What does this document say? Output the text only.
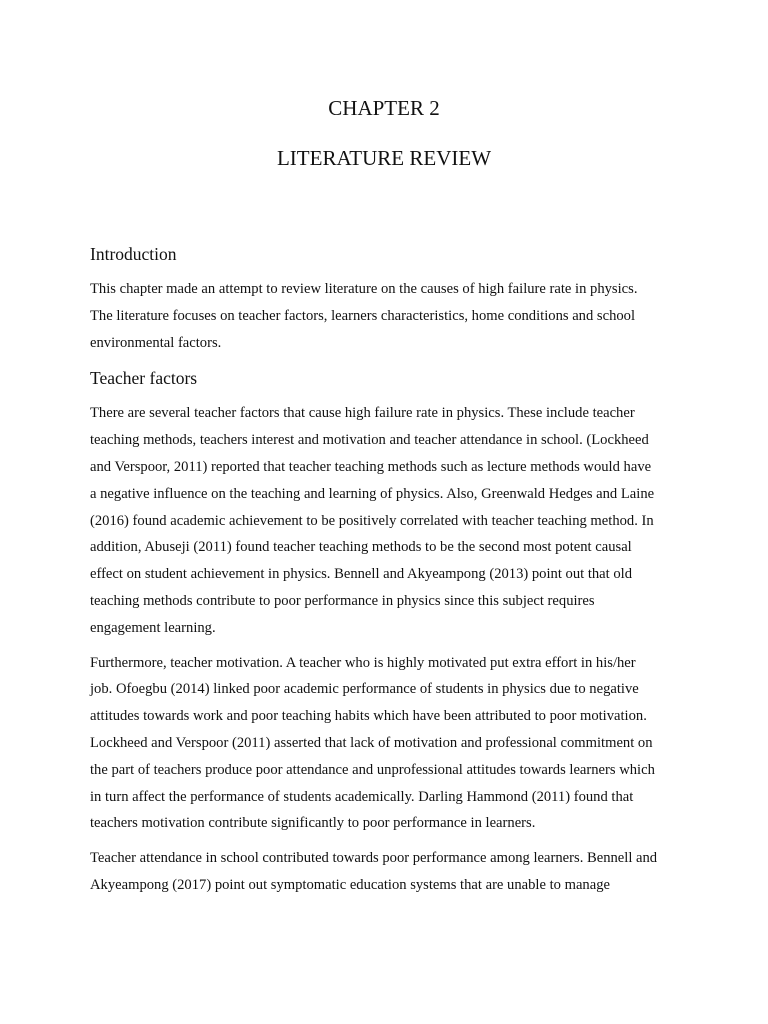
CHAPTER 2
LITERATURE REVIEW
Introduction

This chapter made an attempt to review literature on the causes of high failure rate in physics.
The literature focuses on teacher factors, learners characteristics, home conditions and school
environmental factors.

Teacher factors

There are several teacher factors that cause high failure rate in physics. These include teacher
teaching methods, teachers interest and motivation and teacher attendance in school. (Lockheed
and Verspoor, 2011) reported that teacher teaching methods such as lecture methods would have
a negative influence on the teaching and learning of physics. Also, Greenwald Hedges and Laine
(2016) found academic achievement to be positively correlated with teacher teaching method. In
addition, Abuseji (2011) found teacher teaching methods to be the second most potent causal
effect on student achievement in physics. Bennell and Akyeampong (2013) point out that old
teaching methods contribute to poor performance in physics since this subject requires
engagement learning.

Furthermore, teacher motivation. A teacher who is highly motivated put extra effort in his/her
job. Ofoegbu (2014) linked poor academic performance of students in physics due to negative
attitudes towards work and poor teaching habits which have been attributed to poor motivation.
Lockheed and Verspoor (2011) asserted that lack of motivation and professional commitment on
the part of teachers produce poor attendance and unprofessional attitudes towards learners which
in turn affect the performance of students academically. Darling Hammond (2011) found that
teachers motivation contribute significantly to poor performance in learners.

Teacher attendance in school contributed towards poor performance among learners. Bennell and
Akyeampong (2017) point out symptomatic education systems that are unable to manage
